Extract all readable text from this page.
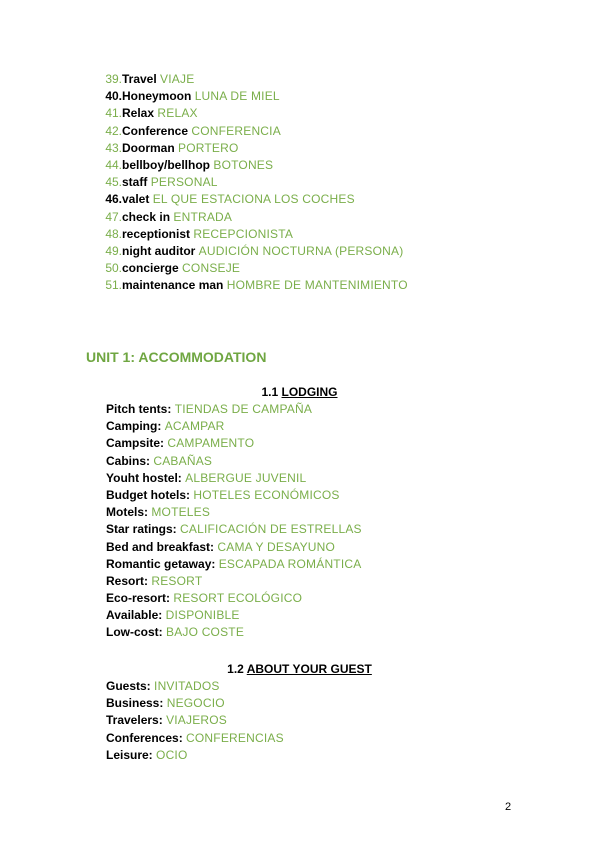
39.Travel VIAJE
40.Honeymoon LUNA DE MIEL
41.Relax RELAX
42.Conference CONFERENCIA
43.Doorman PORTERO
44.bellboy/bellhop BOTONES
45.staff PERSONAL
46.valet EL QUE ESTACIONA LOS COCHES
47.check in ENTRADA
48.receptionist RECEPCIONISTA
49.night auditor AUDICIÓN NOCTURNA (PERSONA)
50.concierge CONSEJE
51.maintenance man HOMBRE DE MANTENIMIENTO
UNIT 1: ACCOMMODATION
1.1 LODGING
Pitch tents: TIENDAS DE CAMPAÑA
Camping: ACAMPAR
Campsite: CAMPAMENTO
Cabins: CABAÑAS
Youht hostel: ALBERGUE JUVENIL
Budget hotels: HOTELES ECONÓMICOS
Motels: MOTELES
Star ratings: CALIFICACIÓN DE ESTRELLAS
Bed and breakfast: CAMA Y DESAYUNO
Romantic getaway: ESCAPADA ROMÁNTICA
Resort: RESORT
Eco-resort: RESORT ECOLÓGICO
Available: DISPONIBLE
Low-cost: BAJO COSTE
1.2 ABOUT YOUR GUEST
Guests: INVITADOS
Business: NEGOCIO
Travelers: VIAJEROS
Conferences: CONFERENCIAS
Leisure: OCIO
2
